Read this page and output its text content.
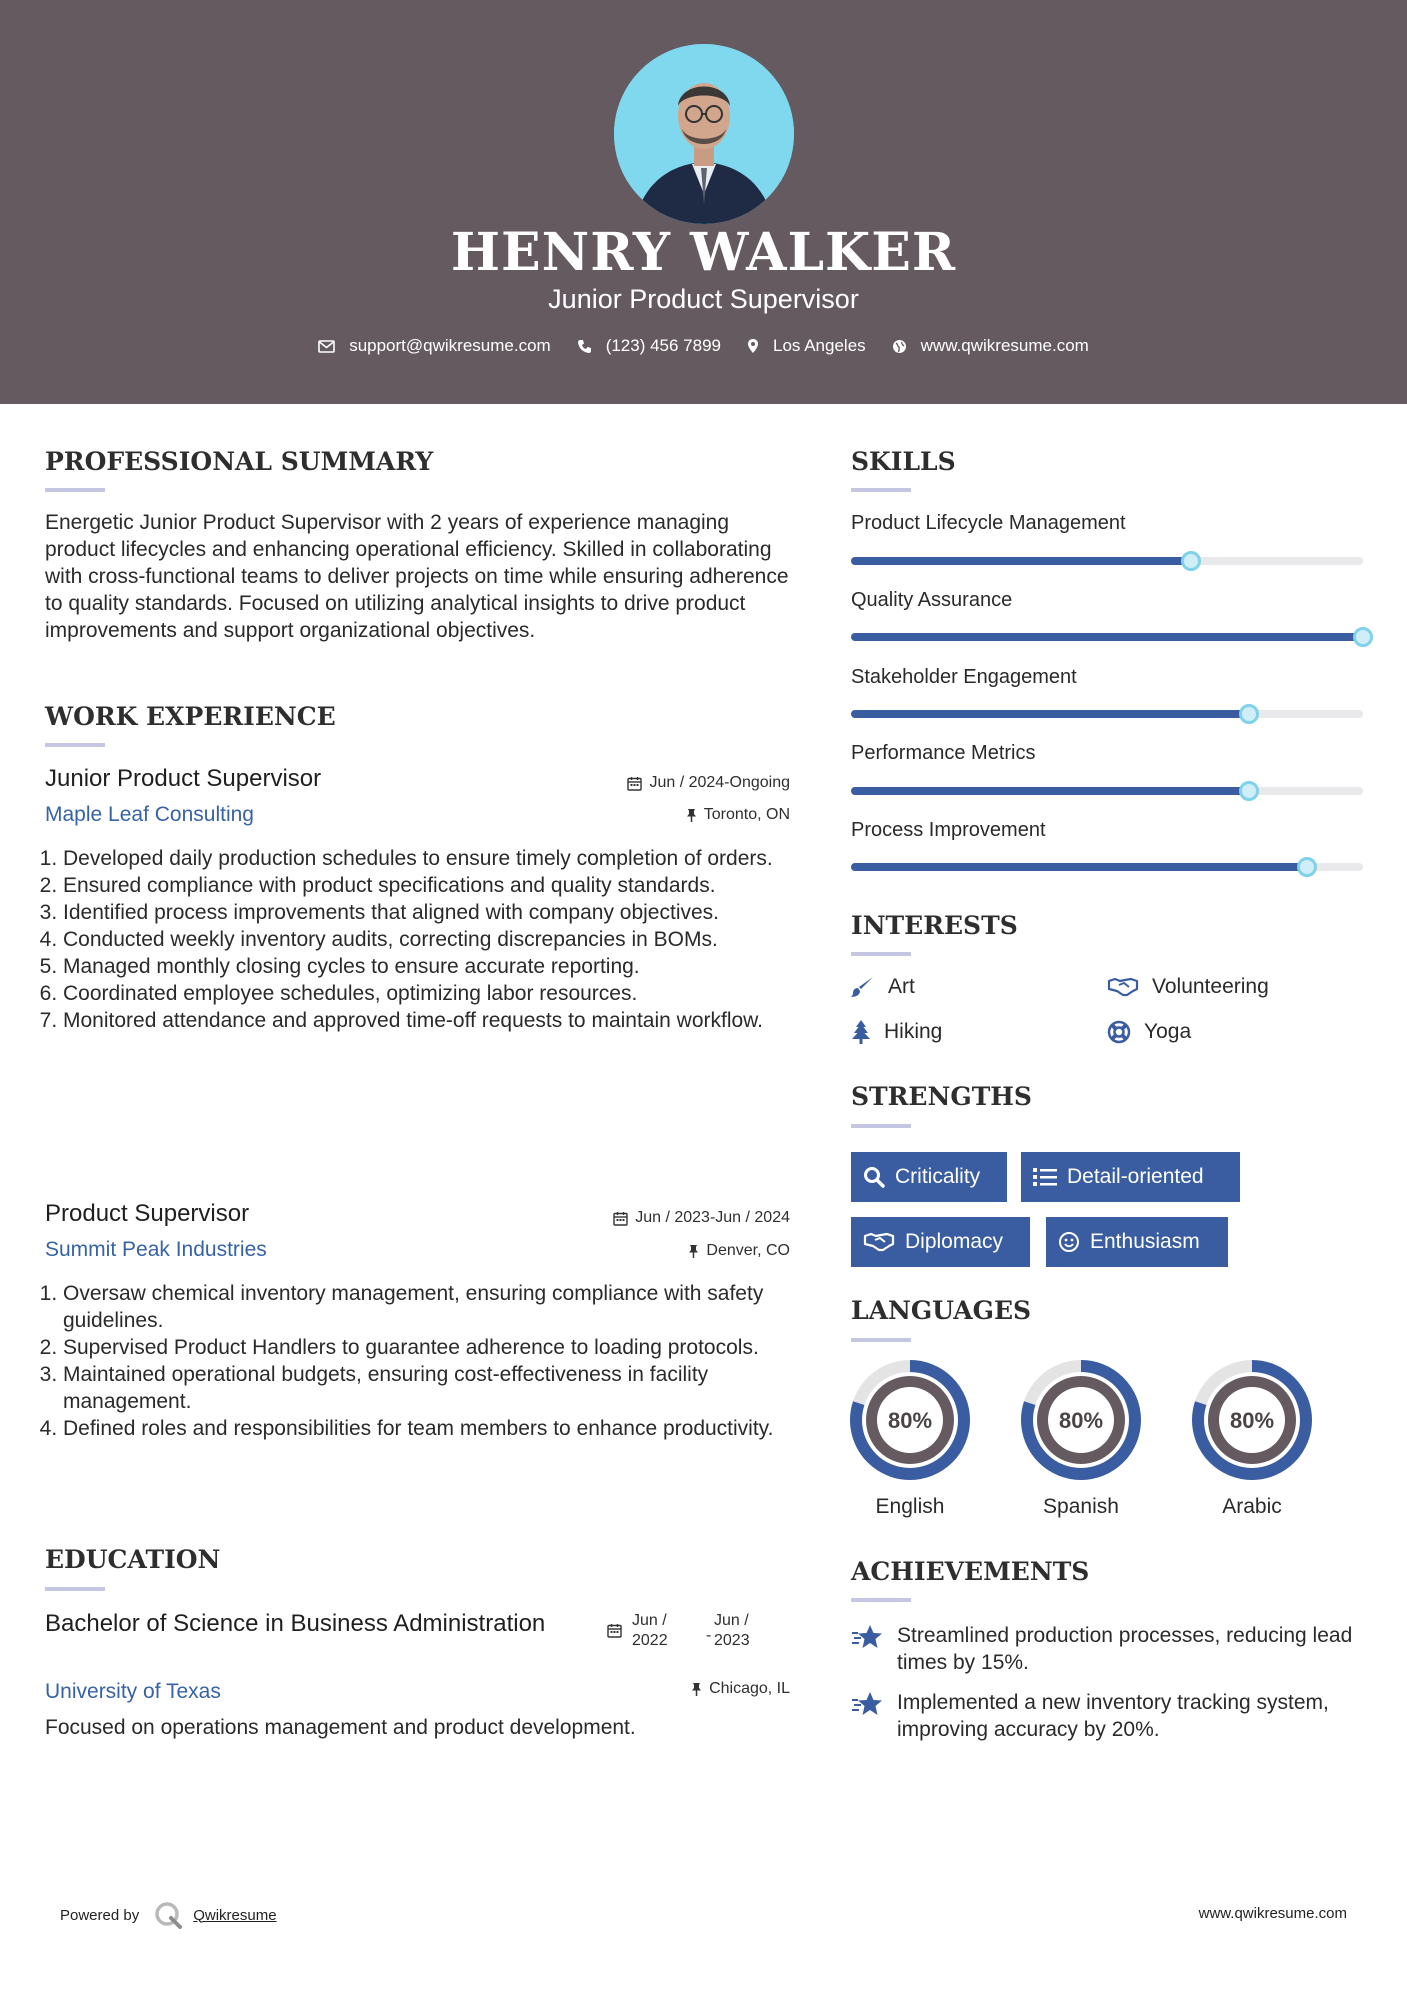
HENRY WALKER
Junior Product Supervisor
support@qwikresume.com	(123) 456 7899	Los Angeles	www.qwikresume.com
PROFESSIONAL SUMMARY
Energetic Junior Product Supervisor with 2 years of experience managing product lifecycles and enhancing operational efficiency. Skilled in collaborating with cross-functional teams to deliver projects on time while ensuring adherence to quality standards. Focused on utilizing analytical insights to drive product improvements and support organizational objectives.
WORK EXPERIENCE
Junior Product Supervisor	Jun / 2024-Ongoing
Maple Leaf Consulting	Toronto, ON
1. Developed daily production schedules to ensure timely completion of orders.
2. Ensured compliance with product specifications and quality standards.
3. Identified process improvements that aligned with company objectives.
4. Conducted weekly inventory audits, correcting discrepancies in BOMs.
5. Managed monthly closing cycles to ensure accurate reporting.
6. Coordinated employee schedules, optimizing labor resources.
7. Monitored attendance and approved time-off requests to maintain workflow.
Product Supervisor	Jun / 2023-Jun / 2024
Summit Peak Industries	Denver, CO
1. Oversaw chemical inventory management, ensuring compliance with safety guidelines.
2. Supervised Product Handlers to guarantee adherence to loading protocols.
3. Maintained operational budgets, ensuring cost-effectiveness in facility management.
4. Defined roles and responsibilities for team members to enhance productivity.
EDUCATION
Bachelor of Science in Business Administration	Jun /
2022 -
Jun /
2023
University of Texas	Chicago, IL
Focused on operations management and product development.
SKILLS
Product Lifecycle Management
Quality Assurance
Stakeholder Engagement
Performance Metrics
Process Improvement
INTERESTS
Art	Volunteering
Hiking	Yoga
STRENGTHS
Criticality	Detail-oriented
Diplomacy	Enthusiasm
LANGUAGES
80%	80%	80%
English	Spanish	Arabic
ACHIEVEMENTS
Streamlined production processes, reducing lead times by 15%.
Implemented a new inventory tracking system, improving accuracy by 20%.
Powered by	Qwikresume	www.qwikresume.com
